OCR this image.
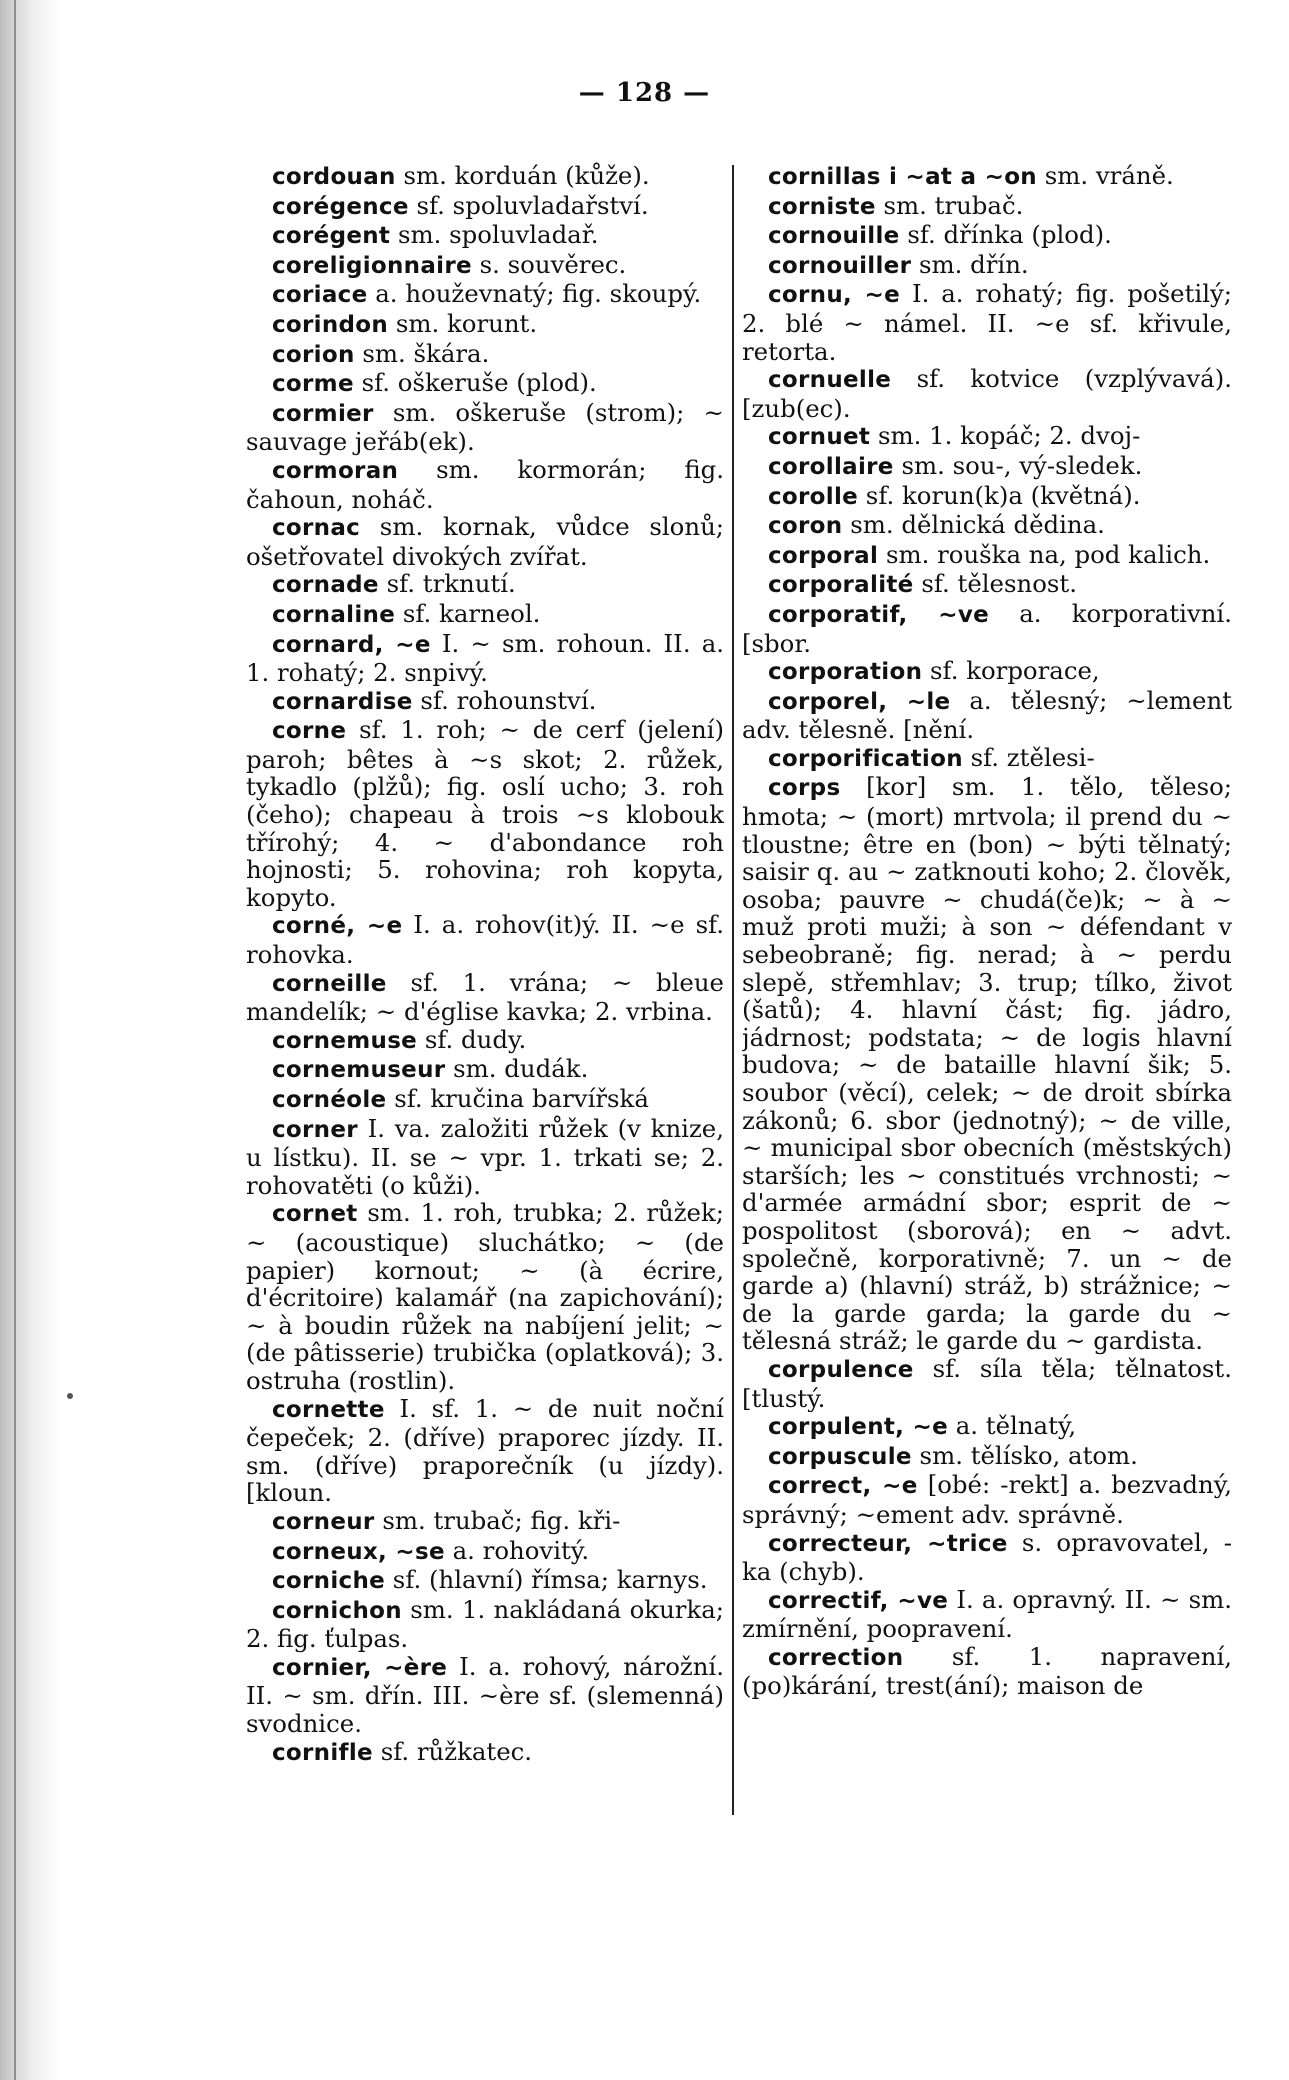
— 128 —

cordouan sm. korduán (kůže).

corégence sf. spoluvladařství.

corégent sm. spoluvladař.

coreligionnaire s. souvěrec.

coriace a. houževnatý; fig. skoupý.

corindon sm. korunt.

corion sm. škára.

corme sf. oškeruše (plod).

cormier sm. oškeruše (strom); ~ sauvage jeřáb(ek).

cormoran sm. kormorán; fig. čahoun, noháč.

cornac sm. kornak, vůdce slonů; ošetřovatel divokých zvířat.

cornade sf. trknutí.

cornaline sf. karneol.

cornard, ~e I. ~ sm. rohoun. II. a. 1. rohatý; 2. snpivý.

cornardise sf. rohounství.

corne sf. 1. roh; ~ de cerf (jelení) paroh; bêtes à ~s skot; 2. růžek, tykadlo (plžů); fig. oslí ucho; 3. roh (čeho); chapeau à trois ~s klobouk třírohý; 4. ~ d'abondance roh hojnosti; 5. rohovina; roh kopyta, kopyto.

corné, ~e I. a. rohov(it)ý. II. ~e sf. rohovka.

corneille sf. 1. vrána; ~ bleue mandelík; ~ d'église kavka; 2. vrbina.

cornemuse sf. dudy.

cornemuseur sm. dudák.

cornéole sf. kručina barvířská

corner I. va. založiti růžek (v knize, u lístku). II. se ~ vpr. 1. trkati se; 2. rohovatěti (o kůži).

cornet sm. 1. roh, trubka; 2. růžek; ~ (acoustique) sluchátko; ~ (de papier) kornout; ~ (à écrire, d'écritoire) kalamář (na zapichování); ~ à boudin růžek na nabíjení jelit; ~ (de pâtisserie) trubička (oplatková); 3. ostruha (rostlin).

cornette I. sf. 1. ~ de nuit noční čepeček; 2. (dříve) praporec jízdy. II. sm. (dříve) praporečník (u jízdy). [kloun.

corneur sm. trubač; fig. kři-

corneux, ~se a. rohovitý.

corniche sf. (hlavní) římsa; karnys.

cornichon sm. 1. nakládaná okurka; 2. fig. ťulpas.

cornier, ~ère I. a. rohový, nárožní. II. ~ sm. dřín. III. ~ère sf. (slemenná) svodnice.

cornifle sf. růžkatec.

cornillas i ~at a ~on sm. vráně.

corniste sm. trubač.

cornouille sf. dřínka (plod).

cornouiller sm. dřín.

cornu, ~e I. a. rohatý; fig. pošetilý; 2. blé ~ námel. II. ~e sf. křivule, retorta.

cornuelle sf. kotvice (vzplývavá). [zub(ec).

cornuet sm. 1. kopáč; 2. dvoj-

corollaire sm. sou-, vý-sledek.

corolle sf. korun(k)a (květná).

coron sm. dělnická dědina.

corporal sm. rouška na, pod kalich.

corporalité sf. tělesnost.

corporatif, ~ve a. korporativní. [sbor.

corporation sf. korporace,

corporel, ~le a. tělesný; ~lement adv. tělesně. [nění.

corporification sf. ztělesi-

corps [kor] sm. 1. tělo, těleso; hmota; ~ (mort) mrtvola; il prend du ~ tloustne; être en (bon) ~ býti tělnatý; saisir q. au ~ zatknouti koho; 2. člověk, osoba; pauvre ~ chudá(če)k; ~ à ~ muž proti muži; à son ~ défendant v sebeobraně; fig. nerad; à ~ perdu slepě, střemhlav; 3. trup; tílko, život (šatů); 4. hlavní část; fig. jádro, jádrnost; podstata; ~ de logis hlavní budova; ~ de bataille hlavní šik; 5. soubor (věcí), celek; ~ de droit sbírka zákonů; 6. sbor (jednotný); ~ de ville, ~ municipal sbor obecních (městských) starších; les ~ constitués vrchnosti; ~ d'armée armádní sbor; esprit de ~ pospolitost (sborová); en ~ advt. společně, korporativně; 7. un ~ de garde a) (hlavní) stráž, b) strážnice; ~ de la garde garda; la garde du ~ tělesná stráž; le garde du ~ gardista.

corpulence sf. síla těla; tělnatost. [tlustý.

corpulent, ~e a. tělnatý,

corpuscule sm. tělísko, atom.

correct, ~e [obé: -rekt] a. bezvadný, správný; ~ement adv. správně.

correcteur, ~trice s. opravovatel, -ka (chyb).

correctif, ~ve I. a. opravný. II. ~ sm. zmírnění, poopravení.

correction sf. 1. napravení, (po)kárání, trest(ání); maison de
